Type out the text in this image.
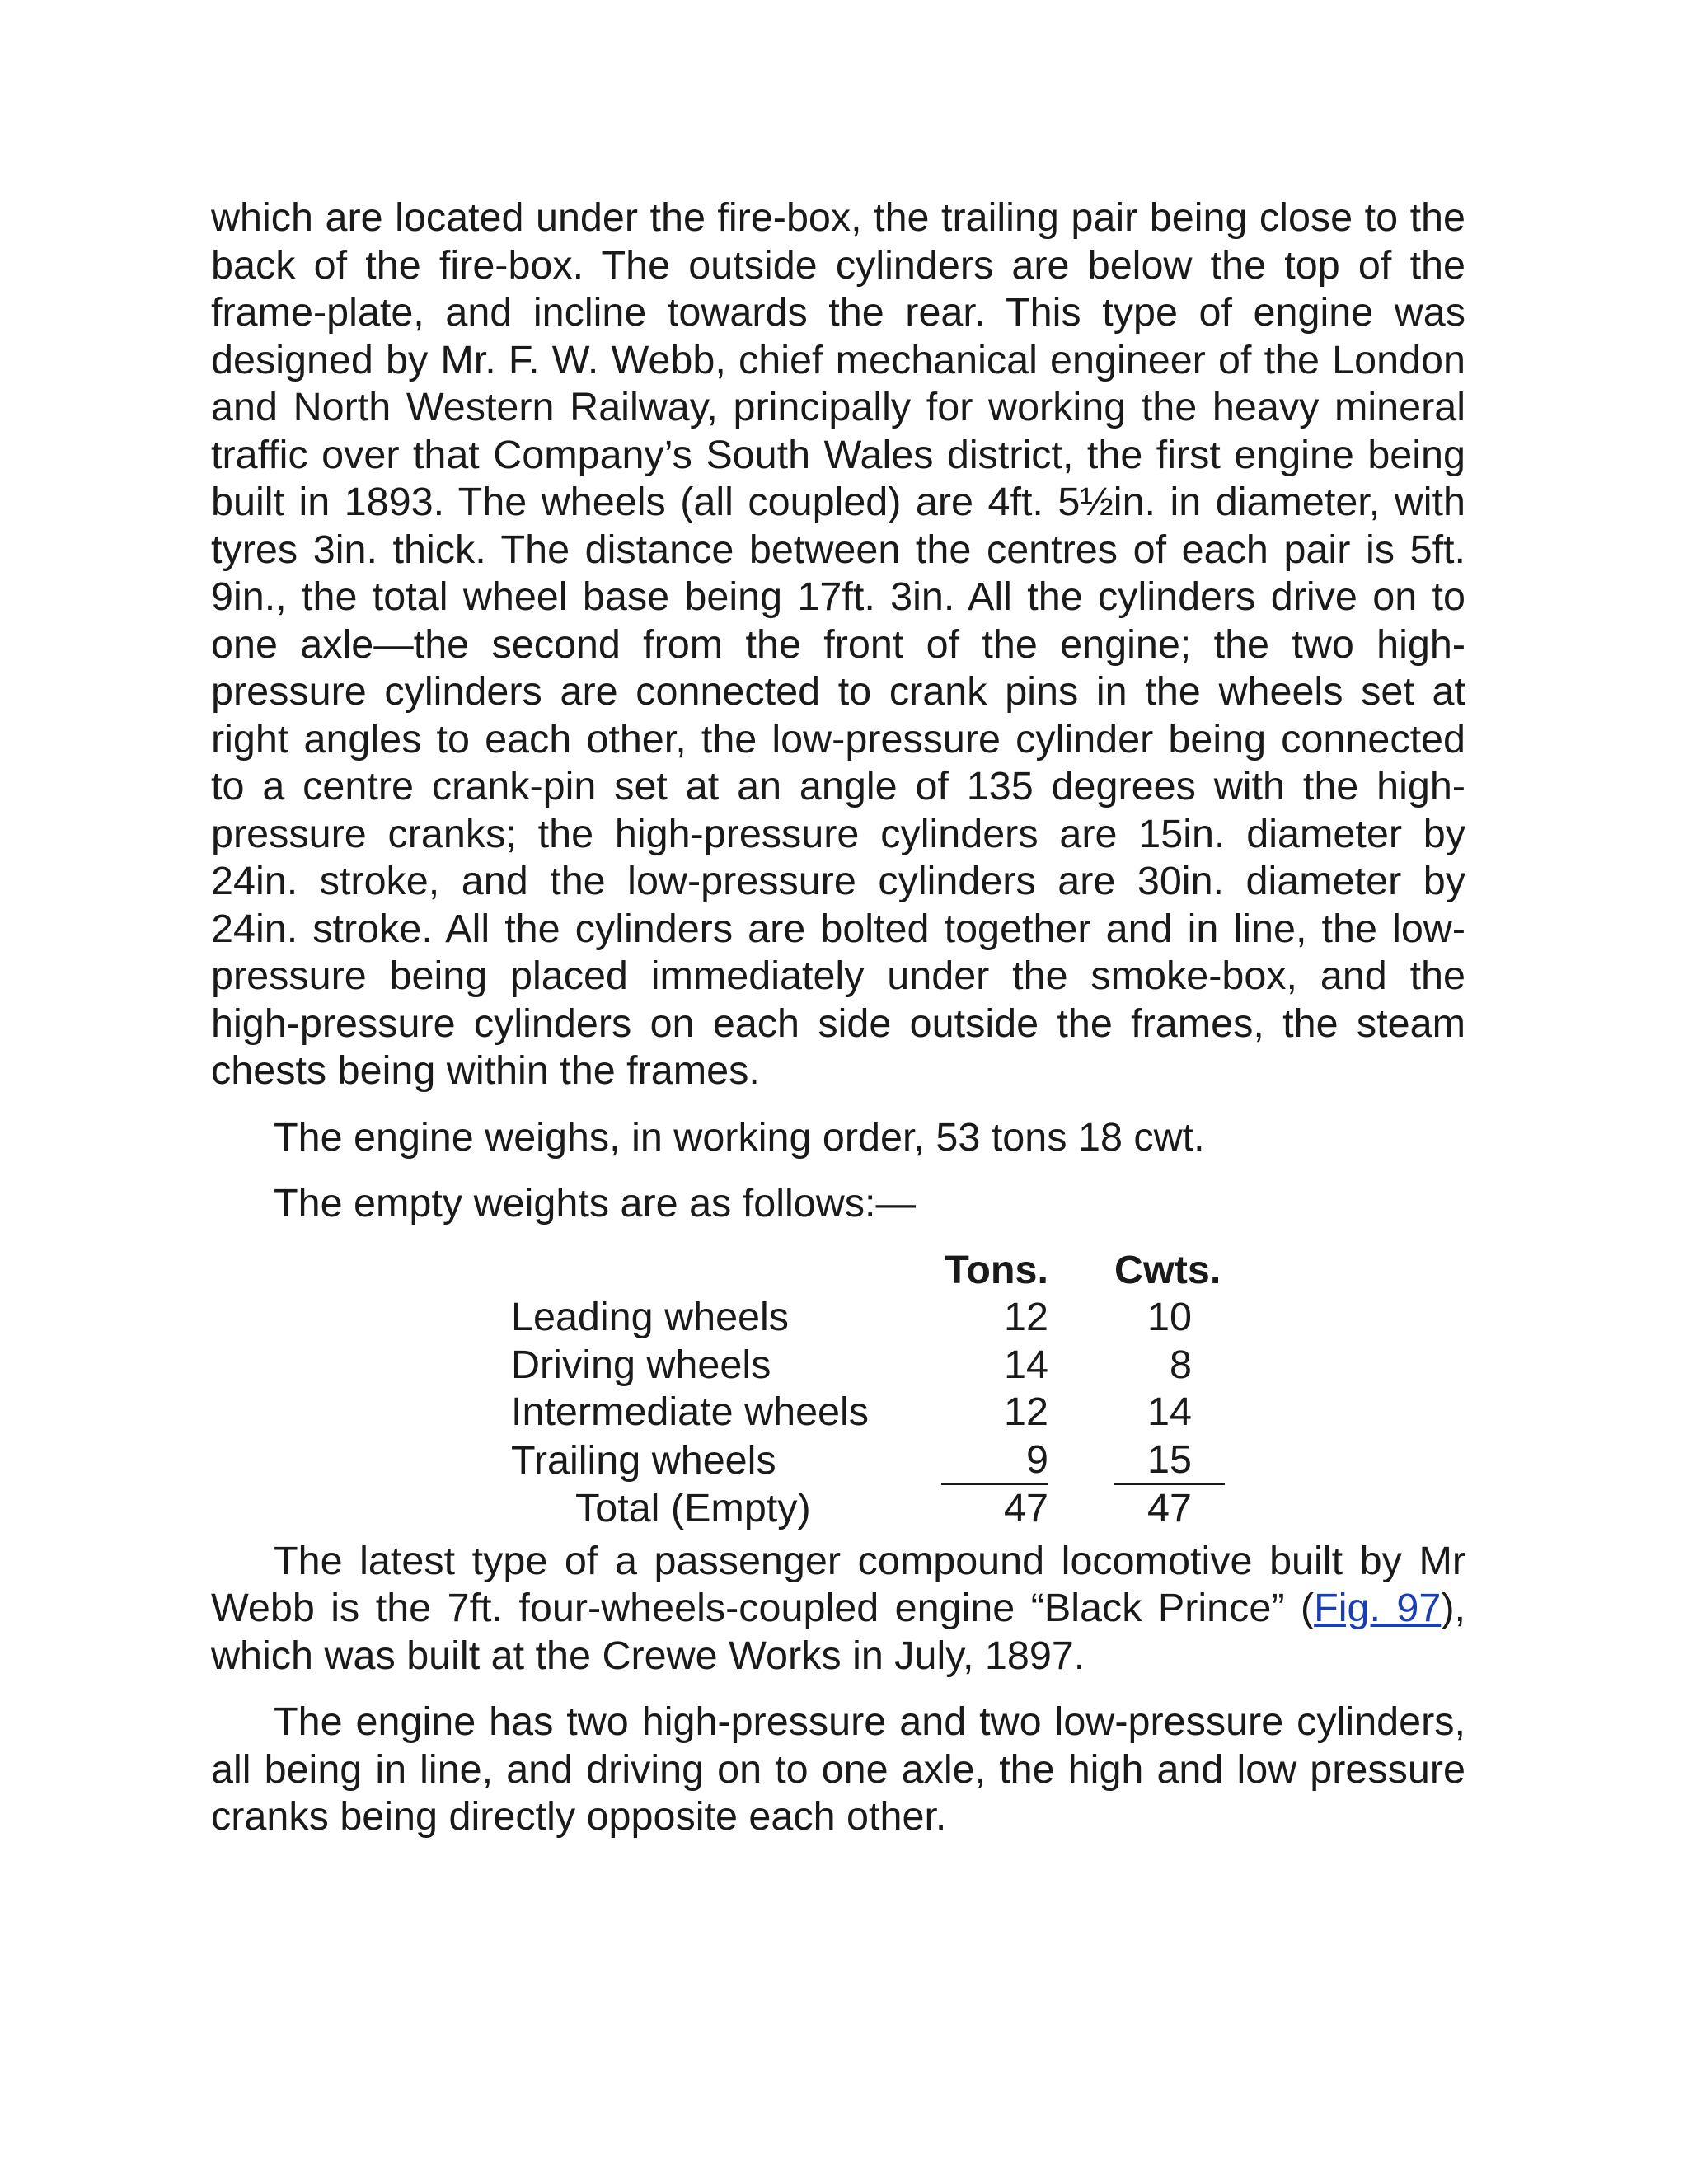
which are located under the fire-box, the trailing pair being close to the back of the fire-box. The outside cylinders are below the top of the frame-plate, and incline towards the rear. This type of engine was designed by Mr. F. W. Webb, chief mechanical engineer of the London and North Western Railway, principally for working the heavy mineral traffic over that Company’s South Wales district, the first engine being built in 1893. The wheels (all coupled) are 4ft. 5½in. in diameter, with tyres 3in. thick. The distance between the centres of each pair is 5ft. 9in., the total wheel base being 17ft. 3in. All the cylinders drive on to one axle—the second from the front of the engine; the two high-pressure cylinders are connected to crank pins in the wheels set at right angles to each other, the low-pressure cylinder being connected to a centre crank-pin set at an angle of 135 degrees with the high-pressure cranks; the high-pressure cylinders are 15in. diameter by 24in. stroke, and the low-pressure cylinders are 30in. diameter by 24in. stroke. All the cylinders are bolted together and in line, the low-pressure being placed immediately under the smoke-box, and the high-pressure cylinders on each side outside the frames, the steam chests being within the frames.

The engine weighs, in working order, 53 tons 18 cwt.

The empty weights are as follows:—

	Tons.		Cwts.
Leading wheels	12		10
Driving wheels	14		8
Intermediate wheels	12		14
Trailing wheels	9		15
Total (Empty)	47		47

The latest type of a passenger compound locomotive built by Mr Webb is the 7ft. four-wheels-coupled engine “Black Prince” (Fig. 97), which was built at the Crewe Works in July, 1897.

The engine has two high-pressure and two low-pressure cylinders, all being in line, and driving on to one axle, the high and low pressure cranks being directly opposite each other.
